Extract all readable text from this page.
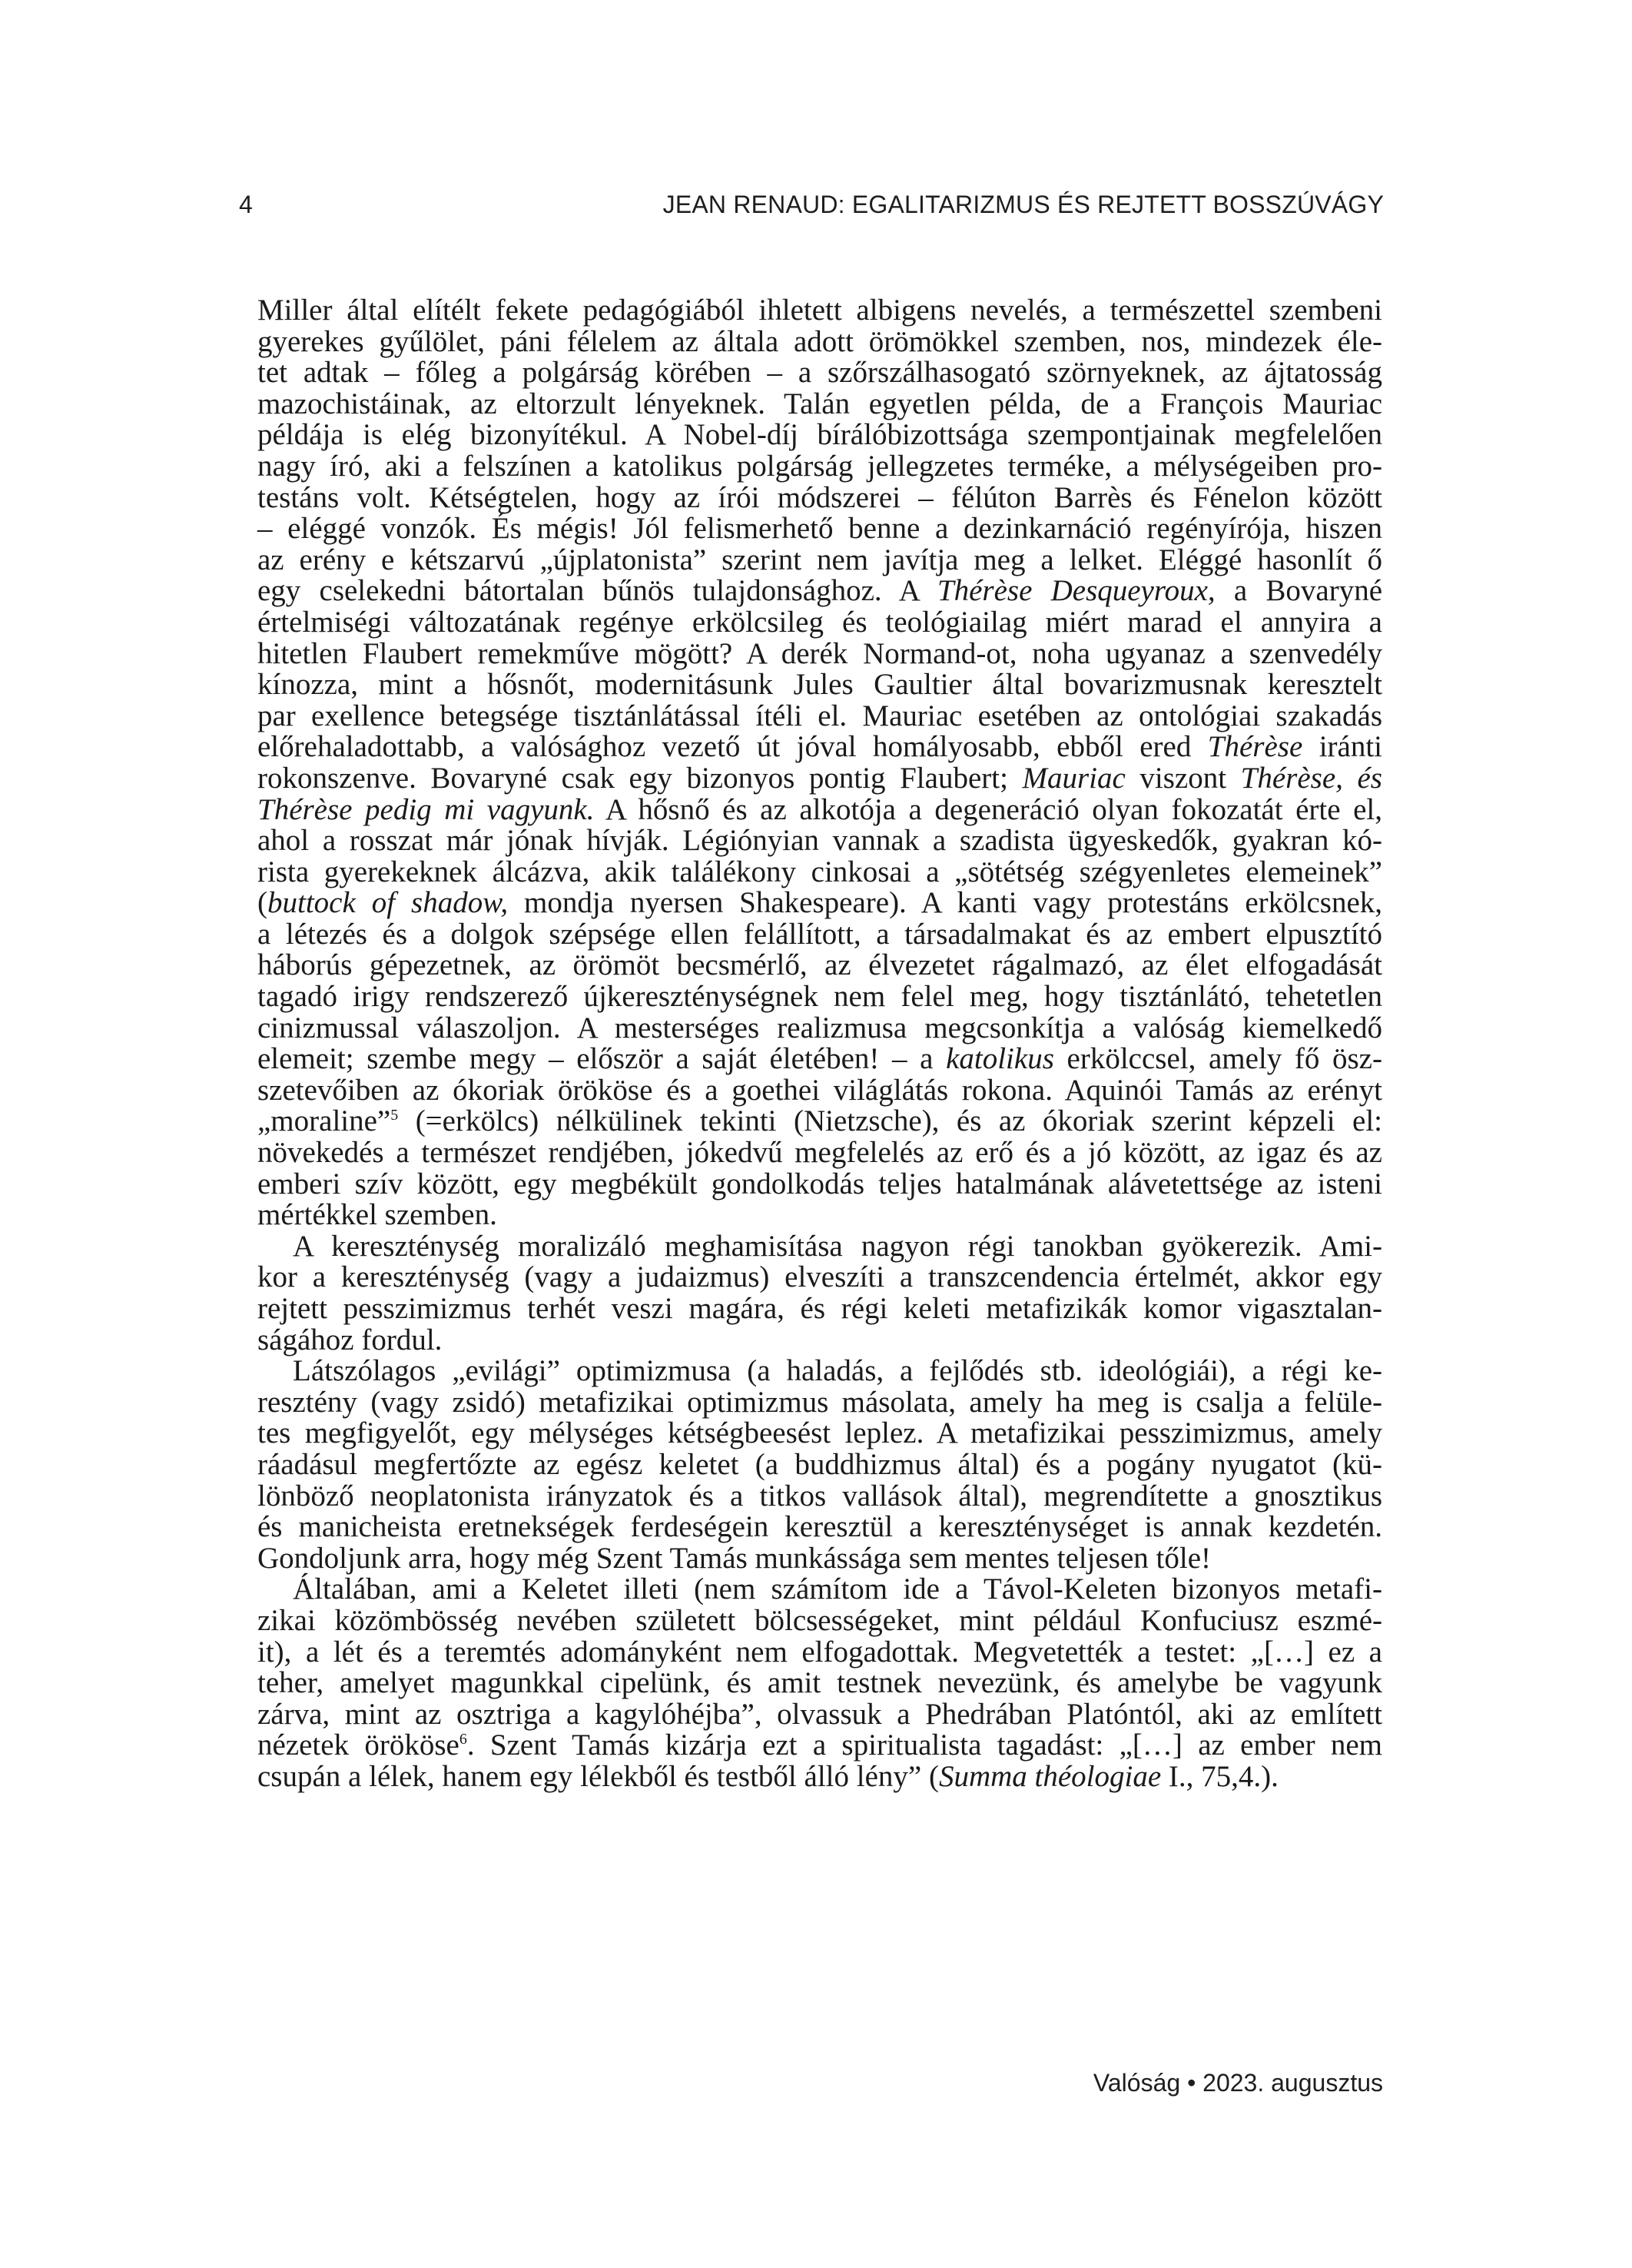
4	JEAN RENAUD: EGALITARIZMUS ÉS REJTETT BOSSZÚVÁGY
Miller által elítélt fekete pedagógiából ihletett albigens nevelés, a természettel szembeni
gyerekes gyűlölet, páni félelem az általa adott örömökkel szemben, nos, mindezek éle-
tet adtak – főleg a polgárság körében – a szőrszálhasogató szörnyeknek, az ájtatosság
mazochistáinak, az eltorzult lényeknek. Talán egyetlen példa, de a François Mauriac
példája is elég bizonyítékul. A Nobel-díj bírálóbizottsága szempontjainak megfelelően
nagy író, aki a felszínen a katolikus polgárság jellegzetes terméke, a mélységeiben pro-
testáns volt. Kétségtelen, hogy az írói módszerei – félúton Barrès és Fénelon között
– eléggé vonzók. És mégis! Jól felismerhető benne a dezinkarnáció regényírója, hiszen
az erény e kétszarvú „újplatonista” szerint nem javítja meg a lelket. Eléggé hasonlít ő
egy cselekedni bátortalan bűnös tulajdonsághoz. A Thérèse Desqueyroux, a Bovaryné
értelmiségi változatának regénye erkölcsileg és teológiailag miért marad el annyira a
hitetlen Flaubert remekműve mögött? A derék Normand-ot, noha ugyanaz a szenvedély
kínozza, mint a hősnőt, modernitásunk Jules Gaultier által bovarizmusnak keresztelt
par exellence betegsége tisztánlátással ítéli el. Mauriac esetében az ontológiai szakadás
előrehaladottabb, a valósághoz vezető út jóval homályosabb, ebből ered Thérèse iránti
rokonszenve. Bovaryné csak egy bizonyos pontig Flaubert; Mauriac viszont Thérèse, és
Thérèse pedig mi vagyunk. A hősnő és az alkotója a degeneráció olyan fokozatát érte el,
ahol a rosszat már jónak hívják. Légiónyian vannak a szadista ügyeskedők, gyakran kó-
rista gyerekeknek álcázva, akik találékony cinkosai a „sötétség szégyenletes elemeinek”
(buttock of shadow, mondja nyersen Shakespeare). A kanti vagy protestáns erkölcsnek,
a létezés és a dolgok szépsége ellen felállított, a társadalmakat és az embert elpusztító
háborús gépezetnek, az örömöt becsmérlő, az élvezetet rágalmazó, az élet elfogadását
tagadó irigy rendszerező újkereszténységnek nem felel meg, hogy tisztánlátó, tehetetlen
cinizmussal válaszoljon. A mesterséges realizmusa megcsonkítja a valóság kiemelkedő
elemeit; szembe megy – először a saját életében! – a katolikus erkölccsel, amely fő ösz-
szetevőiben az ókoriak örököse és a goethei világlátás rokona. Aquinói Tamás az erényt
„moraline”$^5$ (=erkölcs) nélkülinek tekinti (Nietzsche), és az ókoriak szerint képzeli el:
növekedés a természet rendjében, jókedvű megfelelés az erő és a jó között, az igaz és az
emberi szív között, egy megbékült gondolkodás teljes hatalmának alávetettsége az isteni
mértékkel szemben.
A kereszténység moralizáló meghamisítása nagyon régi tanokban gyökerezik. Ami-
kor a kereszténység (vagy a judaizmus) elveszíti a transzcendencia értelmét, akkor egy
rejtett pesszimizmus terhét veszi magára, és régi keleti metafizikák komor vigasztalan-
ságához fordul.
Látszólagos „evilági” optimizmusa (a haladás, a fejlődés stb. ideológiái), a régi ke-
resztény (vagy zsidó) metafizikai optimizmus másolata, amely ha meg is csalja a felüle-
tes megfigyelőt, egy mélységes kétségbeesést leplez. A metafizikai pesszimizmus, amely
ráadásul megfertőzte az egész keletet (a buddhizmus által) és a pogány nyugatot (kü-
lönböző neoplatonista irányzatok és a titkos vallások által), megrendítette a gnosztikus
és manicheista eretnekségek ferdeségein keresztül a kereszténységet is annak kezdetén.
Gondoljunk arra, hogy még Szent Tamás munkássága sem mentes teljesen tőle!
Általában, ami a Keletet illeti (nem számítom ide a Távol-Keleten bizonyos metafi-
zikai közömbösség nevében született bölcsességeket, mint például Konfuciusz eszmé-
it), a lét és a teremtés adományként nem elfogadottak. Megvetették a testet: „[…] ez a
teher, amelyet magunkkal cipelünk, és amit testnek nevezünk, és amelybe be vagyunk
zárva, mint az osztriga a kagylóhéjba”, olvassuk a Phedrában Platóntól, aki az említett
nézetek örököse$^6$. Szent Tamás kizárja ezt a spiritualista tagadást: „[…] az ember nem
csupán a lélek, hanem egy lélekből és testből álló lény” (Summa théologiae I., 75,4.).
Valóság • 2023. augusztus
